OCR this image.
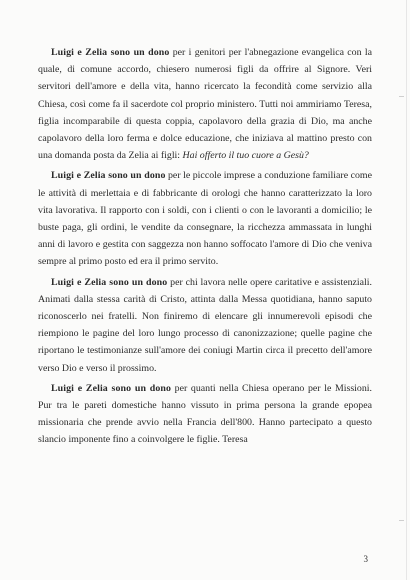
Luigi e Zelia sono un dono per i genitori per l'abnegazione evangelica con la quale, di comune accordo, chiesero numerosi figli da offrire al Signore. Veri servitori dell'amore e della vita, hanno ricercato la fecondità come servizio alla Chiesa, così come fa il sacerdote col proprio ministero. Tutti noi ammiriamo Teresa, figlia incomparabile di questa coppia, capolavoro della grazia di Dio, ma anche capolavoro della loro ferma e dolce educazione, che iniziava al mattino presto con una domanda posta da Zelia ai figli: Hai offerto il tuo cuore a Gesù?

Luigi e Zelia sono un dono per le piccole imprese a conduzione familiare come le attività di merlettaia e di fabbricante di orologi che hanno caratterizzato la loro vita lavorativa. Il rapporto con i soldi, con i clienti o con le lavoranti a domicilio; le buste paga, gli ordini, le vendite da consegnare, la ricchezza ammassata in lunghi anni di lavoro e gestita con saggezza non hanno soffocato l'amore di Dio che veniva sempre al primo posto ed era il primo servito.

Luigi e Zelia sono un dono per chi lavora nelle opere caritative e assistenziali. Animati dalla stessa carità di Cristo, attinta dalla Messa quotidiana, hanno saputo riconoscerlo nei fratelli. Non finiremo di elencare gli innumerevoli episodi che riempiono le pagine del loro lungo processo di canonizzazione; quelle pagine che riportano le testimonianze sull'amore dei coniugi Martin circa il precetto dell'amore verso Dio e verso il prossimo.

Luigi e Zelia sono un dono per quanti nella Chiesa operano per le Missioni. Pur tra le pareti domestiche hanno vissuto in prima persona la grande epopea missionaria che prende avvio nella Francia dell'800. Hanno partecipato a questo slancio imponente fino a coinvolgere le figlie. Teresa

3
